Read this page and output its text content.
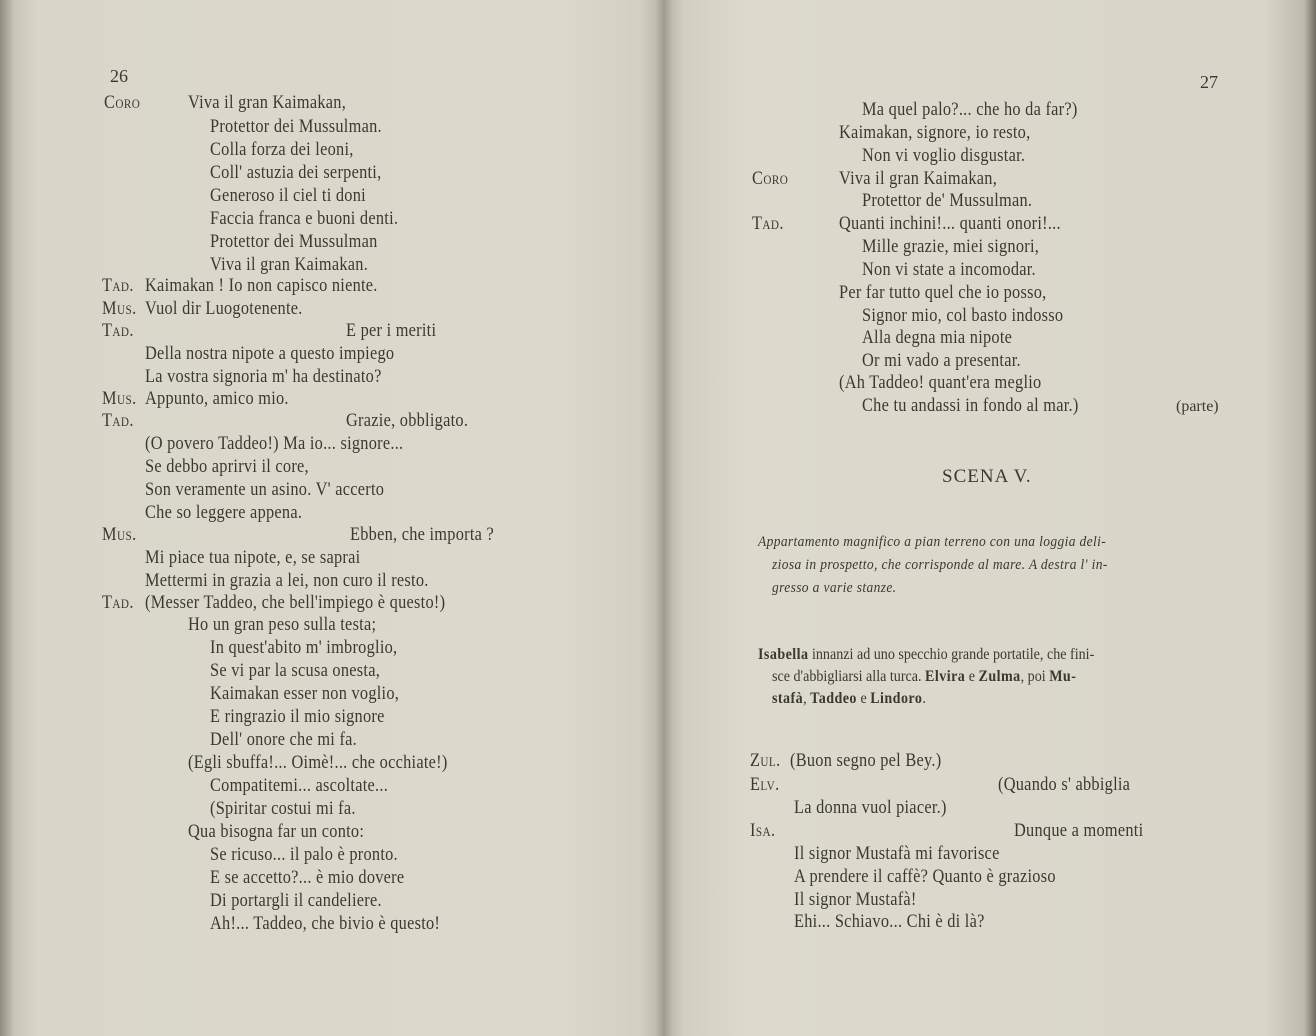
26
Coro	Viva il gran Kaimakan,
Protettor dei Mussulman.
Colla forza dei leoni,
Coll' astuzia dei serpenti,
Generoso il ciel ti doni
Faccia franca e buoni denti.
Protettor dei Mussulman
Viva il gran Kaimakan.
Tad. Kaimakan ! Io non capisco niente.
Mus. Vuol dir Luogotenente.
Tad.	E per i meriti
Della nostra nipote a questo impiego
La vostra signoria m' ha destinato?
Mus. Appunto, amico mio.
Tad.	Grazie, obbligato.
(O povero Taddeo!) Ma io... signore...
Se debbo aprirvi il core,
Son veramente un asino. V' accerto
Che so leggere appena.
Mus.	Ebben, che importa ?
Mi piace tua nipote, e, se saprai
Mettermi in grazia a lei, non curo il resto.
Tad. (Messer Taddeo, che bell'impiego è questo!)
Ho un gran peso sulla testa;
In quest'abito m' imbroglio,
Se vi par la scusa onesta,
Kaimakan esser non voglio,
E ringrazio il mio signore
Dell' onore che mi fa.
(Egli sbuffa!... Oimè!... che occhiate!)
Compatitemi... ascoltate...
(Spiritar costui mi fa.
Qua bisogna far un conto:
Se ricuso... il palo è pronto.
E se accetto?... è mio dovere
Di portargli il candeliere.
Ah!... Taddeo, che bivio è questo!
27
Ma quel palo?... che ho da far?)
Kaimakan, signore, io resto,
Non vi voglio disgustar.
Coro	Viva il gran Kaimakan,
Protettor de' Mussulman.
Tad.	Quanti inchini!... quanti onori!...
Mille grazie, miei signori,
Non vi state a incomodar.
Per far tutto quel che io posso,
Signor mio, col basto indosso
Alla degna mia nipote
Or mi vado a presentar.
(Ah Taddeo! quant'era meglio
Che tu andassi in fondo al mar.)	(parte)
SCENA V.
Appartamento magnifico a pian terreno con una loggia deli-
ziosa in prospetto, che corrisponde al mare. A destra l' in-
gresso a varie stanze.
Isabella innanzi ad uno specchio grande portatile, che fini-
sce d'abbigliarsi alla turca. Elvira e Zulma, poi Mu-
stafà, Taddeo e Lindoro.
Zul. (Buon segno pel Bey.)
Elv.	(Quando s' abbiglia
La donna vuol piacer.)
Isa.	Dunque a momenti
Il signor Mustafà mi favorisce
A prendere il caffè? Quanto è grazioso
Il signor Mustafà!
Ehi... Schiavo... Chi è di là?
